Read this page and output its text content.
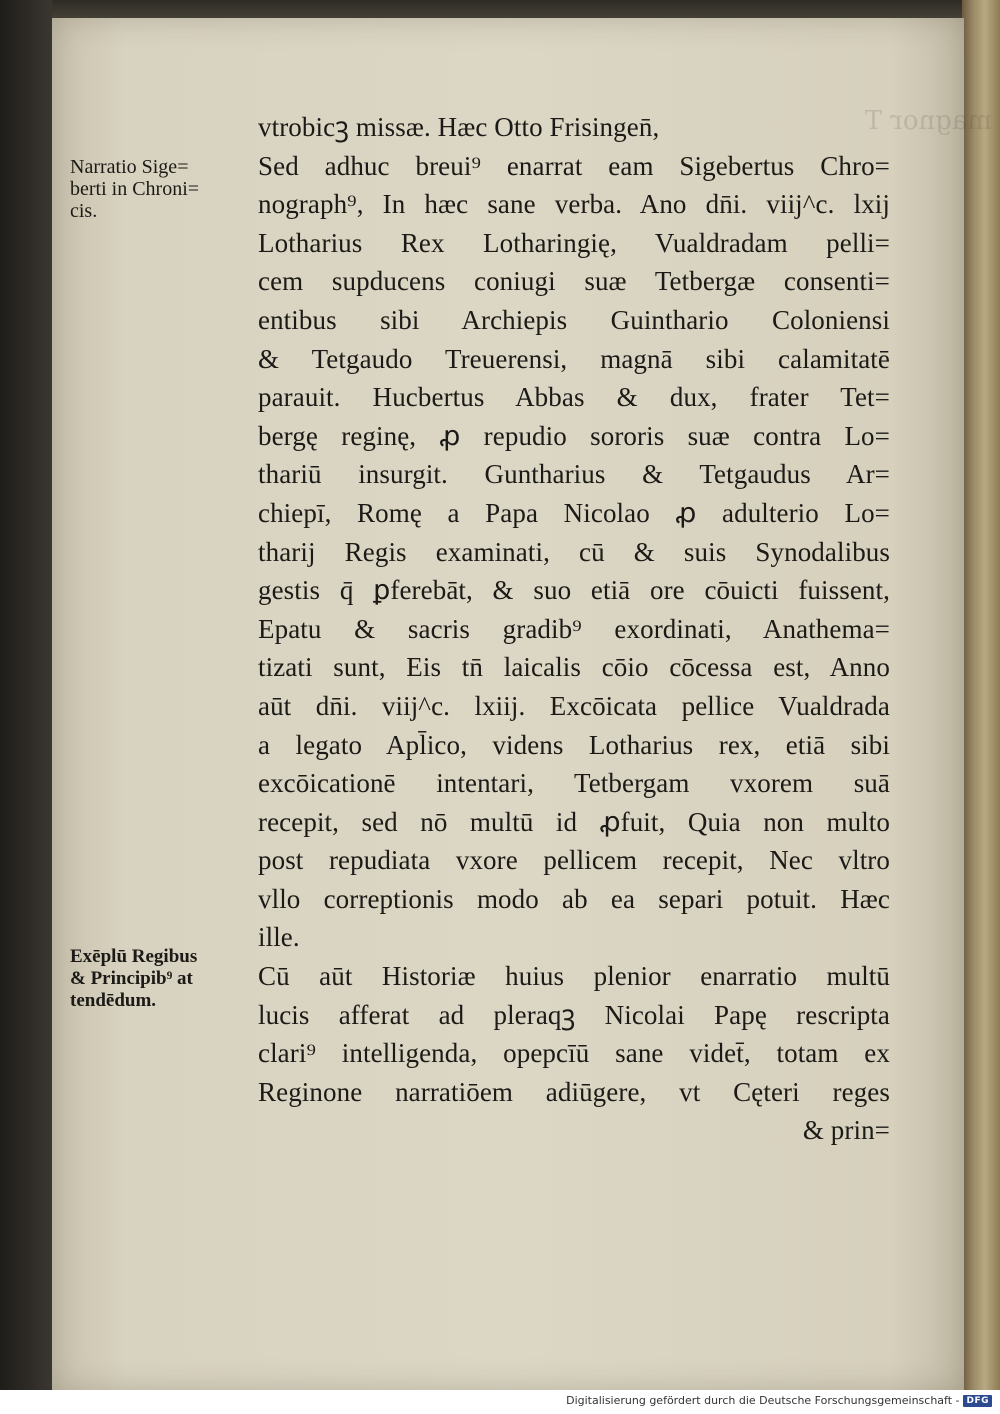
magnor T
Narratio Sige=
berti in Chroni=
cis.
Exēplū Regibus
& Principib⁹ at
tendēdum.
vtrobicꝫ missæ. Hæc Otto Frisingen̄,
Sed adhuc breui⁹ enarrat eam Sigebertus Chro=
nograph⁹, In hæc sane verba. Ano dn̄i. viij^c. lxij
Lotharius Rex Lotharingię, Vualdradam pelli=
cem supducens coniugi suæ Tetbergæ consenti=
entibus sibi Archiepis Guinthario Coloniensi
& Tetgaudo Treuerensi, magnā sibi calamitatē
parauit. Hucbertus Abbas & dux, frater Tet=
bergę reginę, ꝓ repudio sororis suæ contra Lo=
thariū insurgit. Guntharius & Tetgaudus Ar=
chiepī, Romę a Papa Nicolao ꝓ adulterio Lo=
tharij Regis examinati, cū & suis Synodalibus
gestis q̄ ꝑferebāt, & suo etiā ore cōuicti fuissent,
Epatu & sacris gradib⁹ exordinati, Anathema=
tizati sunt, Eis tn̄ laicalis cōio cōcessa est, Anno
aūt dn̄i. viij^c. lxiij. Excōicata pellice Vualdrada
a legato Apl̄ico, videns Lotharius rex, etiā sibi
excōicationē intentari, Tetbergam vxorem suā
recepit, sed nō multū id ꝓfuit, Quia non multo
post repudiata vxore pellicem recepit, Nec vltro
vllo correptionis modo ab ea separi potuit. Hæc
ille.
Cū aūt Historiæ huius plenior enarratio multū
lucis afferat ad pleraqꝫ Nicolai Papę rescripta
clari⁹ intelligenda, opepcīū sane videt̄, totam ex
Reginone narratiōem adiūgere, vt Cęteri reges
& prin=
Digitalisierung gefördert durch die Deutsche Forschungsgemeinschaft - DFG
